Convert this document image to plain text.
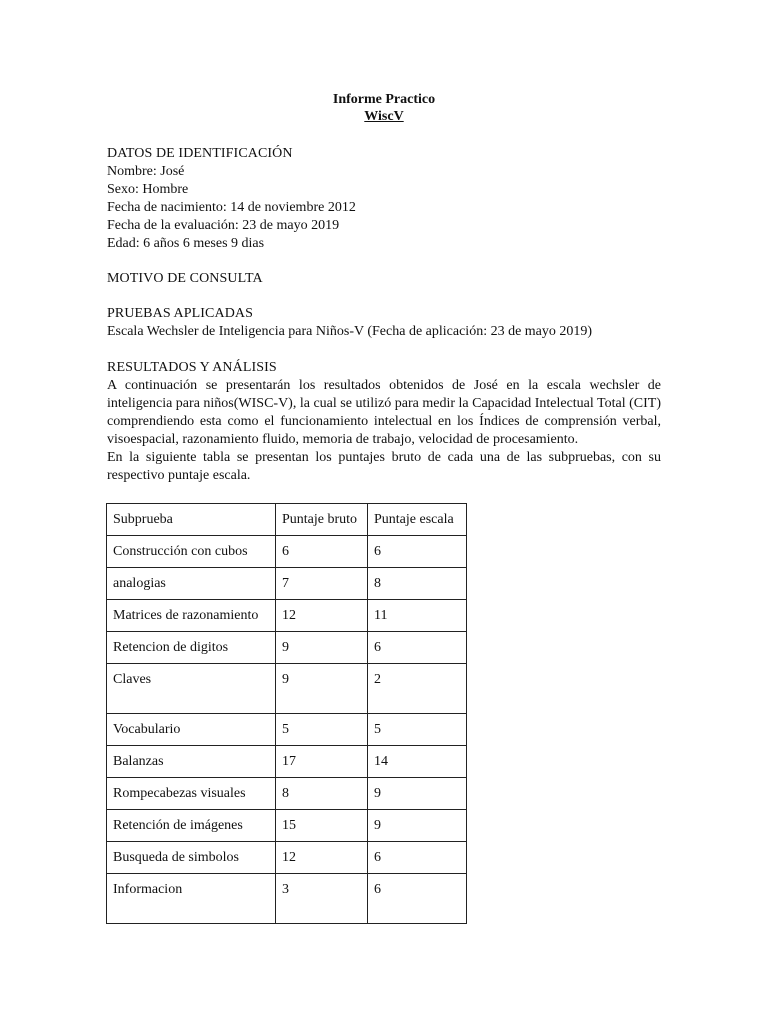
Informe Practico
WiscV
DATOS DE IDENTIFICACIÓN
Nombre: José
Sexo: Hombre
Fecha de nacimiento: 14 de noviembre 2012
Fecha de la evaluación: 23 de mayo 2019
Edad: 6 años 6 meses 9 dias
MOTIVO DE CONSULTA
PRUEBAS APLICADAS
Escala Wechsler de Inteligencia para Niños-V (Fecha de aplicación: 23 de mayo 2019)
RESULTADOS Y ANÁLISIS
A continuación se presentarán los resultados obtenidos de José en la escala wechsler de inteligencia para niños(WISC-V), la cual se utilizó para medir la Capacidad Intelectual Total (CIT) comprendiendo esta como el funcionamiento intelectual en los Índices de comprensión verbal, visoespacial, razonamiento fluido, memoria de trabajo, velocidad de procesamiento.
En la siguiente tabla se presentan los puntajes bruto de cada una de las subpruebas, con su respectivo puntaje escala.
Subprueba	Puntaje bruto	Puntaje escala
Construcción con cubos	6	6
analogias	7	8
Matrices de razonamiento	12	11
Retencion de digitos	9	6
Claves	9	2
Vocabulario	5	5
Balanzas	17	14
Rompecabezas visuales	8	9
Retención de imágenes	15	9
Busqueda de simbolos	12	6
Informacion	3	6
